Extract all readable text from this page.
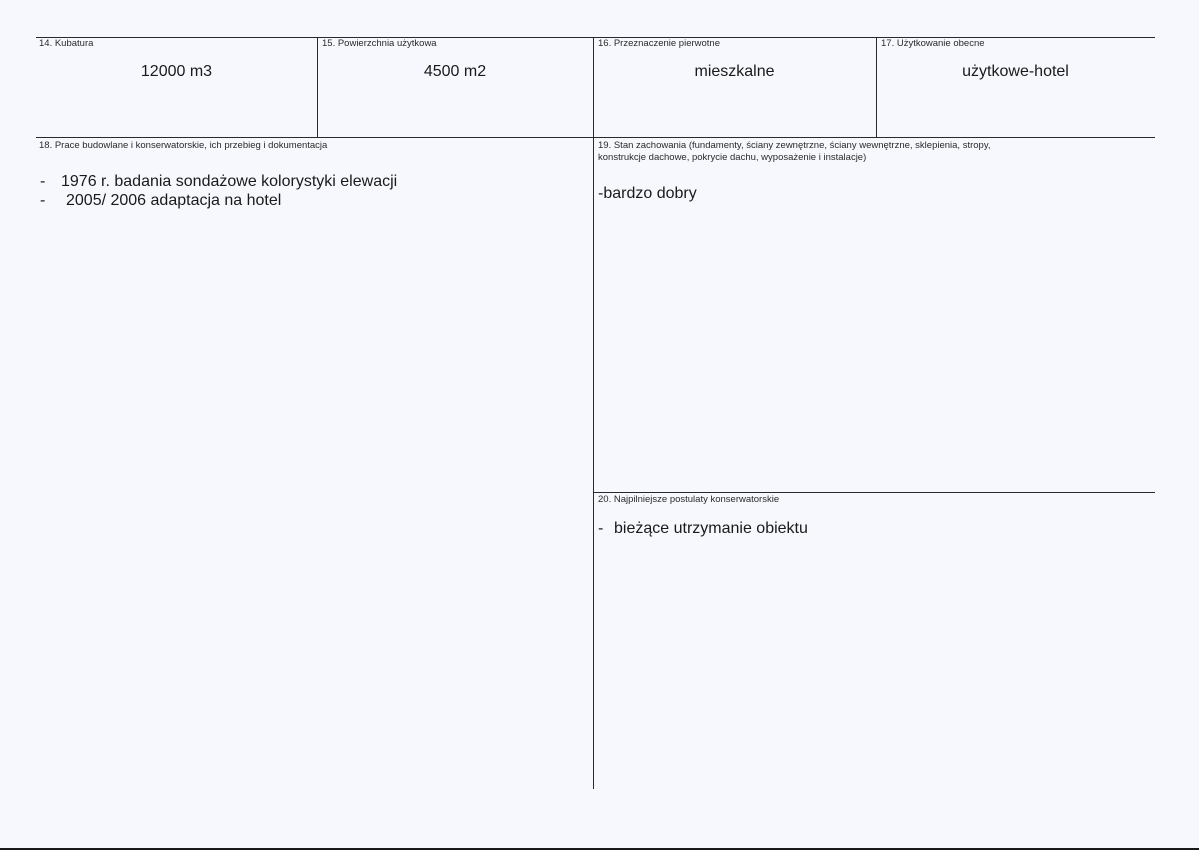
14. Kubatura
12000 m3
15. Powierzchnia użytkowa
4500 m2
16. Przeznaczenie pierwotne
mieszkalne
17. Użytkowanie obecne
użytkowe-hotel
18. Prace budowlane i konserwatorskie, ich przebieg i dokumentacja
- 1976 r. badania sondażowe kolorystyki elewacji
-	2005/ 2006 adaptacja na hotel
19. Stan zachowania (fundamenty, ściany zewnętrzne, ściany wewnętrzne, sklepienia, stropy,
konstrukcje dachowe, pokrycie dachu, wyposażenie i instalacje)
-bardzo dobry
20. Najpilniejsze postulaty konserwatorskie
- bieżące utrzymanie obiektu
